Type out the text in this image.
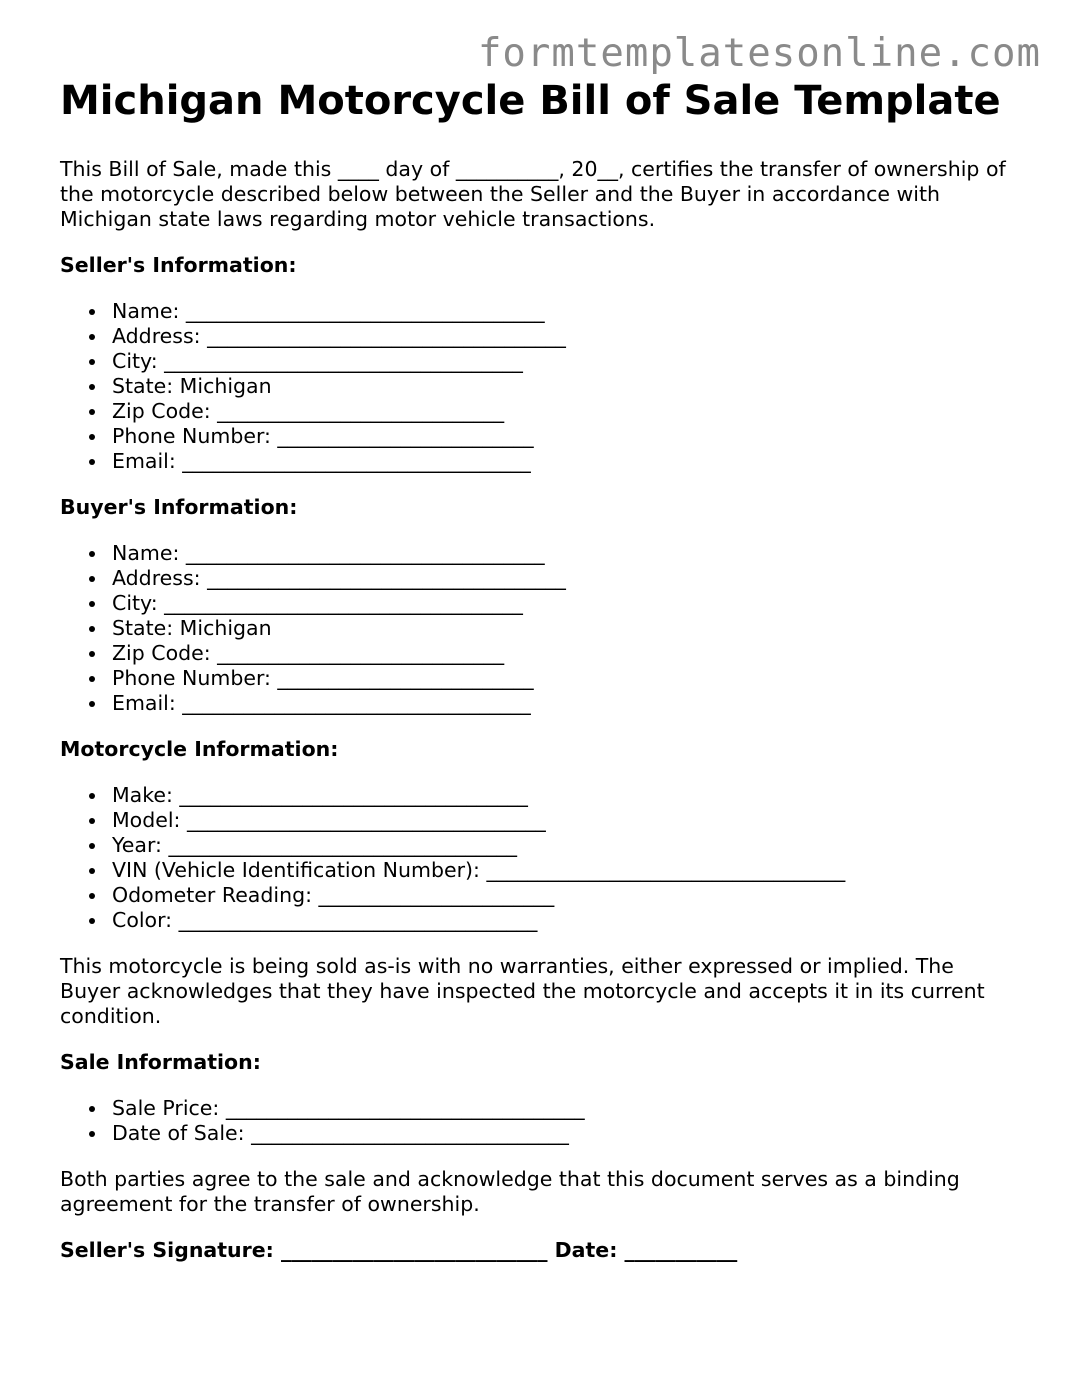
formtemplatesonline.com
Michigan Motorcycle Bill of Sale Template

This Bill of Sale, made this ____ day of __________, 20__, certifies the transfer of ownership of the motorcycle described below between the Seller and the Buyer in accordance with Michigan state laws regarding motor vehicle transactions.

Seller's Information:
Name: ___________________________________
Address: ___________________________________
City: ___________________________________
State: Michigan
Zip Code: ____________________________
Phone Number: _________________________
Email: __________________________________
Buyer's Information:
Name: ___________________________________
Address: ___________________________________
City: ___________________________________
State: Michigan
Zip Code: ____________________________
Phone Number: _________________________
Email: __________________________________
Motorcycle Information:
Make: __________________________________
Model: ___________________________________
Year: __________________________________
VIN (Vehicle Identification Number): ___________________________________
Odometer Reading: _______________________
Color: ___________________________________

This motorcycle is being sold as-is with no warranties, either expressed or implied. The Buyer acknowledges that they have inspected the motorcycle and accepts it in its current condition.

Sale Information:
Sale Price: ___________________________________
Date of Sale: _______________________________

Both parties agree to the sale and acknowledge that this document serves as a binding agreement for the transfer of ownership.

Seller's Signature: __________________________ Date: ___________
